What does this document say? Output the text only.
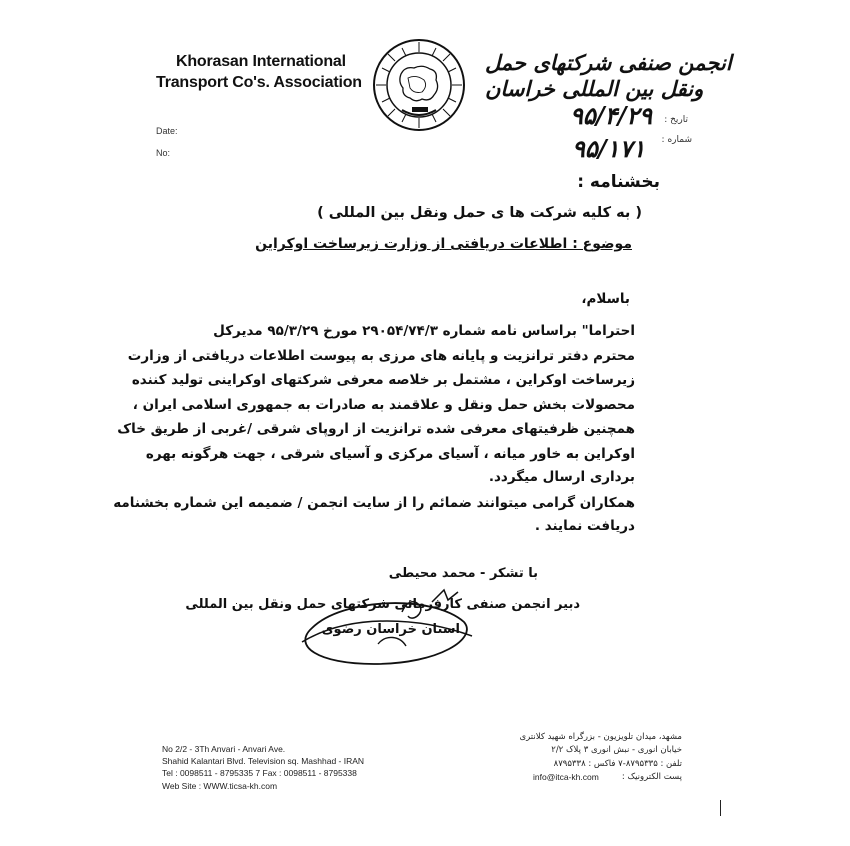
Khorasan International
Transport Co's. Association
انجمن صنفی شرکتهای حمل ونقل بین المللی خراسان
Date:
No:
تاریخ :
شماره :
۹۵/۴/۲۹
۹۵/۱۷۱
بخشنامه :
( به کلیه شرکت ها ی حمل ونقل بین المللی )
موضوع : اطلاعات دریافتی از وزارت زیرساخت اوکراین
باسلام،
احتراما" براساس نامه شماره ۲۹۰۵۴/۷۴/۳ مورخ ۹۵/۳/۲۹ مدیرکل
محترم دفتر ترانزیت و پایانه های مرزی به پیوست اطلاعات دریافتی از وزارت
زیرساخت اوکراین ، مشتمل بر خلاصه معرفی شرکتهای اوکراینی تولید کننده
محصولات بخش حمل ونقل و علاقمند به صادرات به جمهوری اسلامی ایران ،
همچنین ظرفیتهای معرفی شده ترانزیت از اروپای شرقی /غربی از طریق خاک
اوکراین به خاور میانه ، آسیای مرکزی و آسیای شرقی ، جهت هرگونه بهره
برداری ارسال میگردد.
همکاران گرامی میتوانند ضمائم را از سایت انجمن / ضمیمه این شماره بخشنامه
دریافت نمایند .
با تشکر - محمد محیطی
دبیر انجمن صنفی کارفرمائی شرکتهای حمل ونقل بین المللی
استان خراسان رضوی
No 2/2 - 3Th Anvari - Anvari Ave.
Shahid Kalantari Blvd. Television sq. Mashhad - IRAN
Tel : 0098511 - 8795335 7 Fax : 0098511 - 8795338
Web Site : WWW.ticsa-kh.com
مشهد، میدان تلویزیون - بزرگراه شهید کلانتری
خیابان انوری - نبش انوری ۳ پلاک ۲/۲
تلفن : ۸۷۹۵۳۳۵-۷ فاکس : ۸۷۹۵۳۳۸
info@itca-kh.com	پست الکترونیک :
